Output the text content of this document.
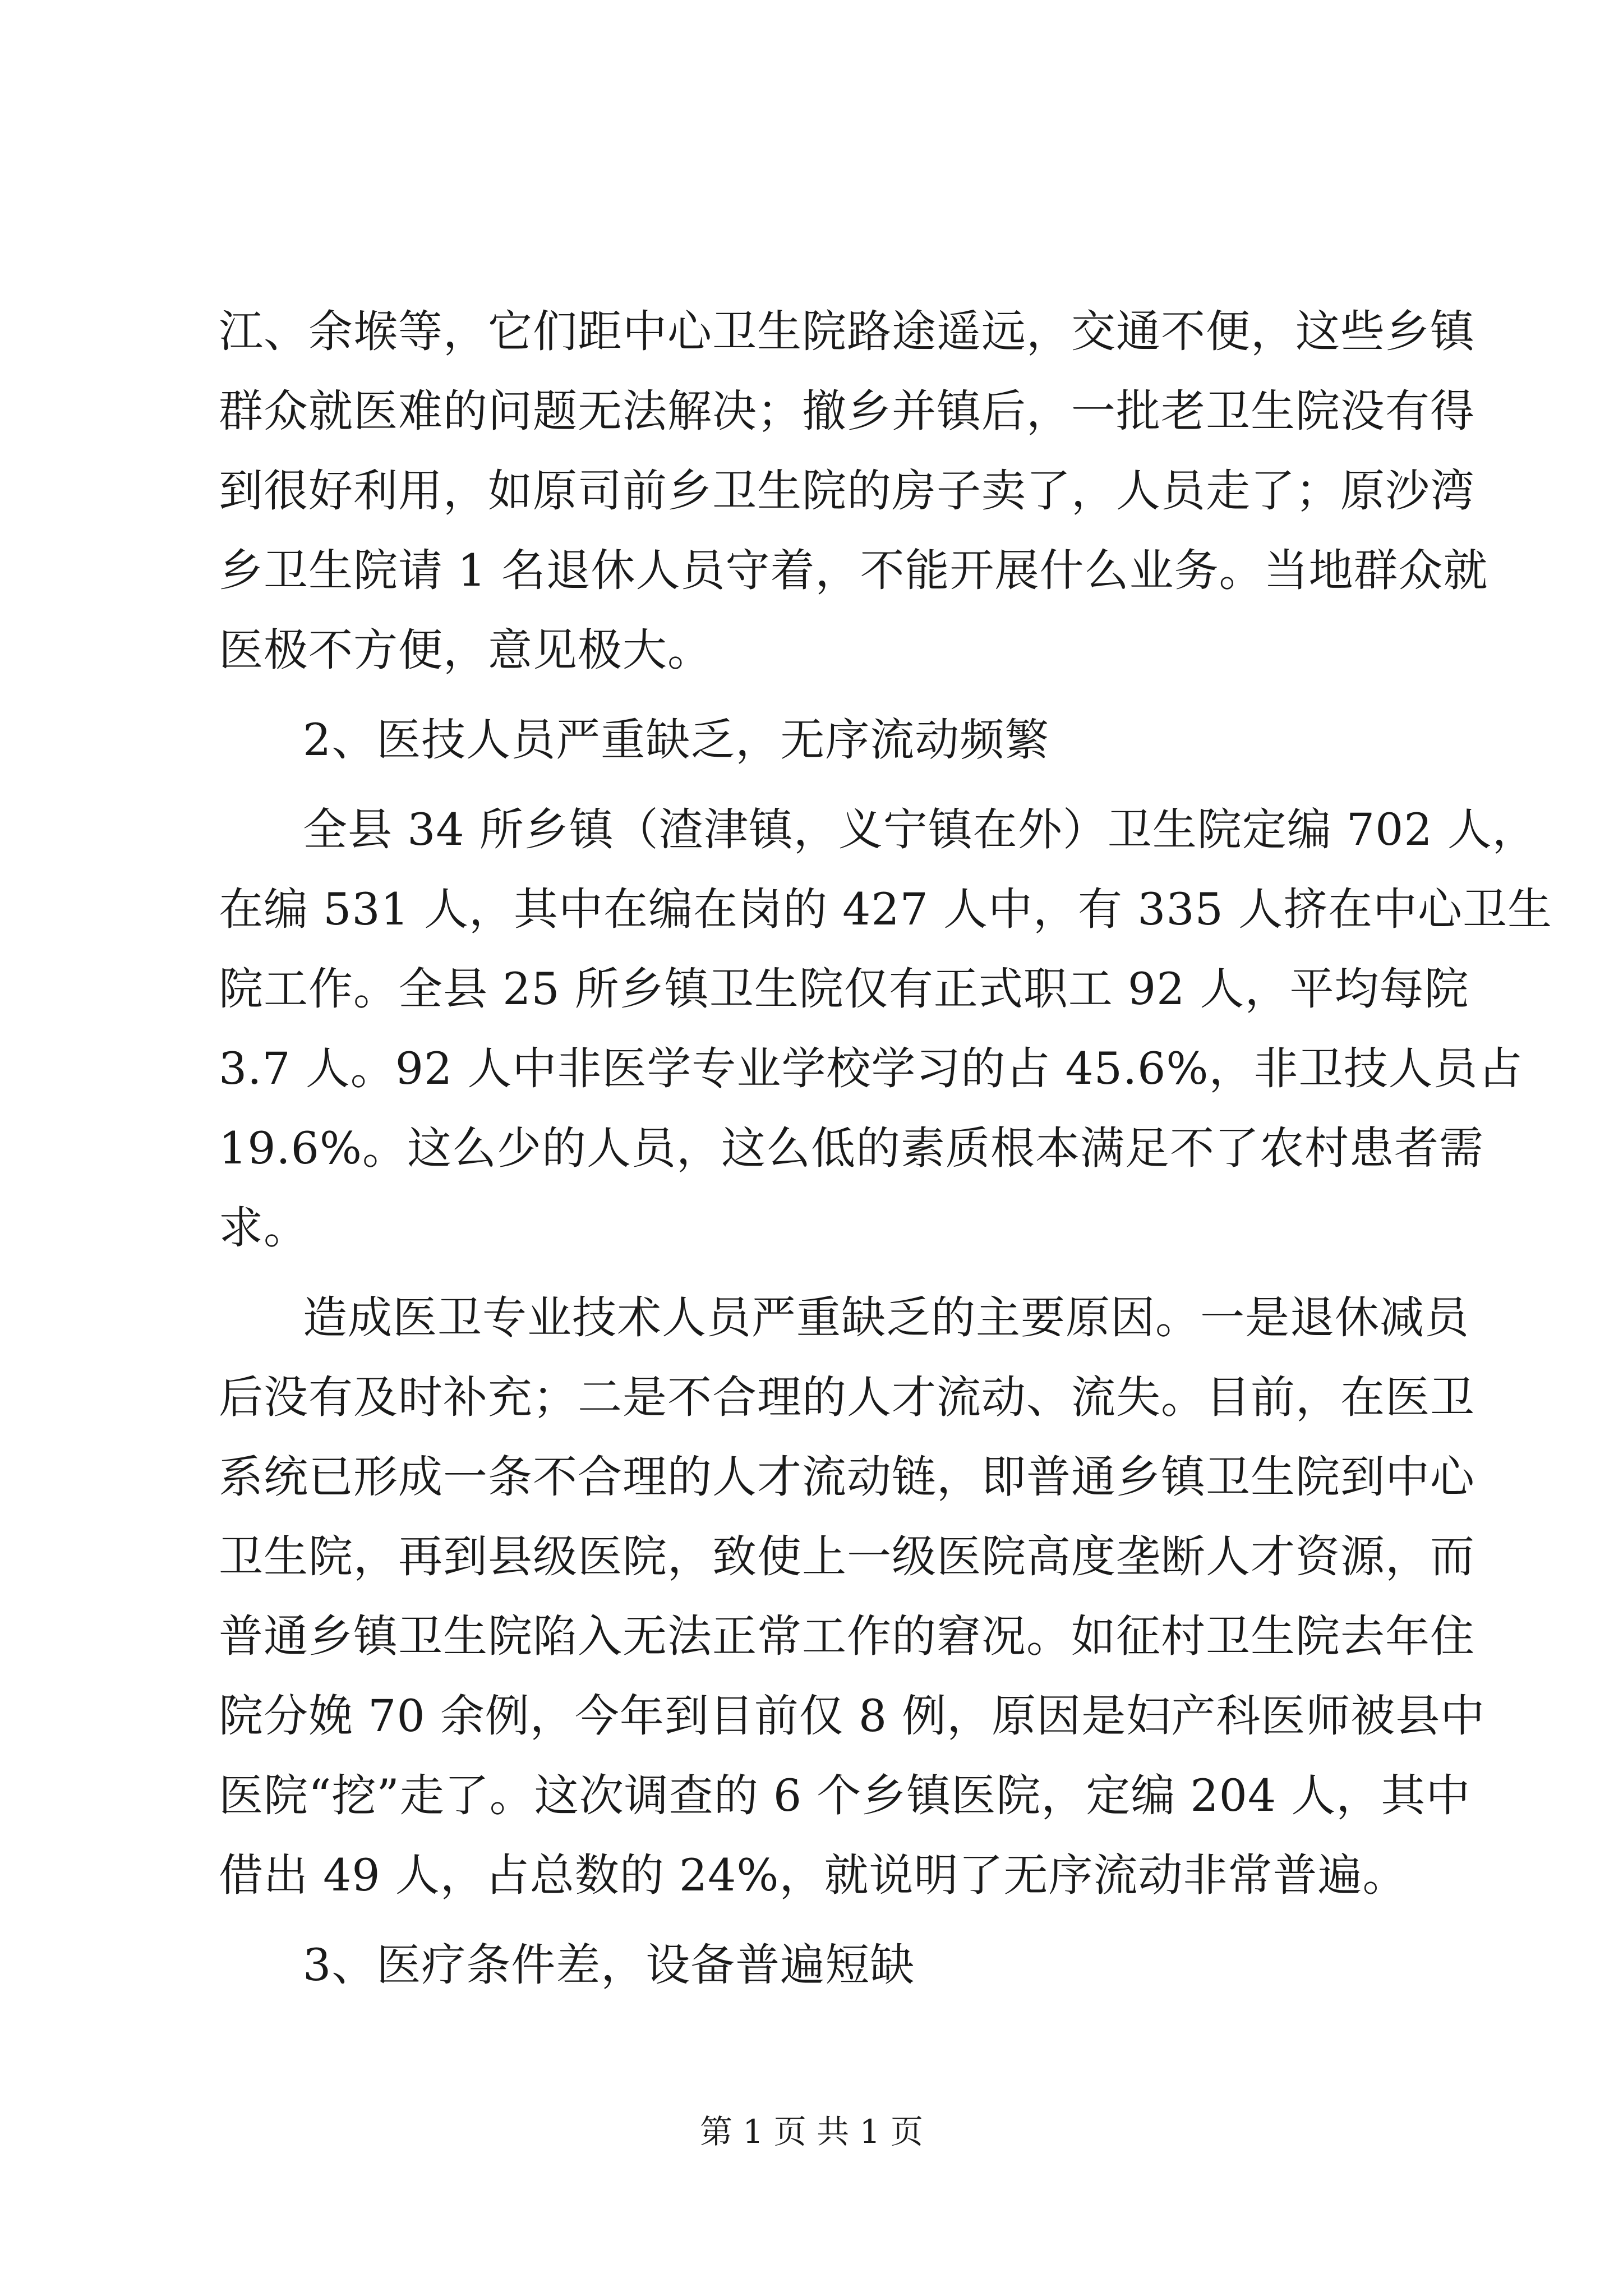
江、余堠等，它们距中心卫生院路途遥远，交通不便，这些乡镇
群众就医难的问题无法解决；撤乡并镇后，一批老卫生院没有得
到很好利用，如原司前乡卫生院的房子卖了，人员走了；原沙湾
乡卫生院请 1 名退休人员守着，不能开展什么业务。当地群众就
医极不方便，意见极大。
2、医技人员严重缺乏，无序流动频繁
全县 34 所乡镇（渣津镇，义宁镇在外）卫生院定编 702 人，
在编 531 人，其中在编在岗的 427 人中，有 335 人挤在中心卫生
院工作。全县 25 所乡镇卫生院仅有正式职工 92 人，平均每院
3.7 人。92 人中非医学专业学校学习的占 45.6%，非卫技人员占
19.6%。这么少的人员，这么低的素质根本满足不了农村患者需
求。
造成医卫专业技术人员严重缺乏的主要原因。一是退休减员
后没有及时补充；二是不合理的人才流动、流失。目前，在医卫
系统已形成一条不合理的人才流动链，即普通乡镇卫生院到中心
卫生院，再到县级医院，致使上一级医院高度垄断人才资源，而
普通乡镇卫生院陷入无法正常工作的窘况。如征村卫生院去年住
院分娩 70 余例，今年到目前仅 8 例，原因是妇产科医师被县中
医院“挖”走了。这次调查的 6 个乡镇医院，定编 204 人，其中
借出 49 人，占总数的 24%，就说明了无序流动非常普遍。
3、医疗条件差，设备普遍短缺
第 1 页 共 1 页
